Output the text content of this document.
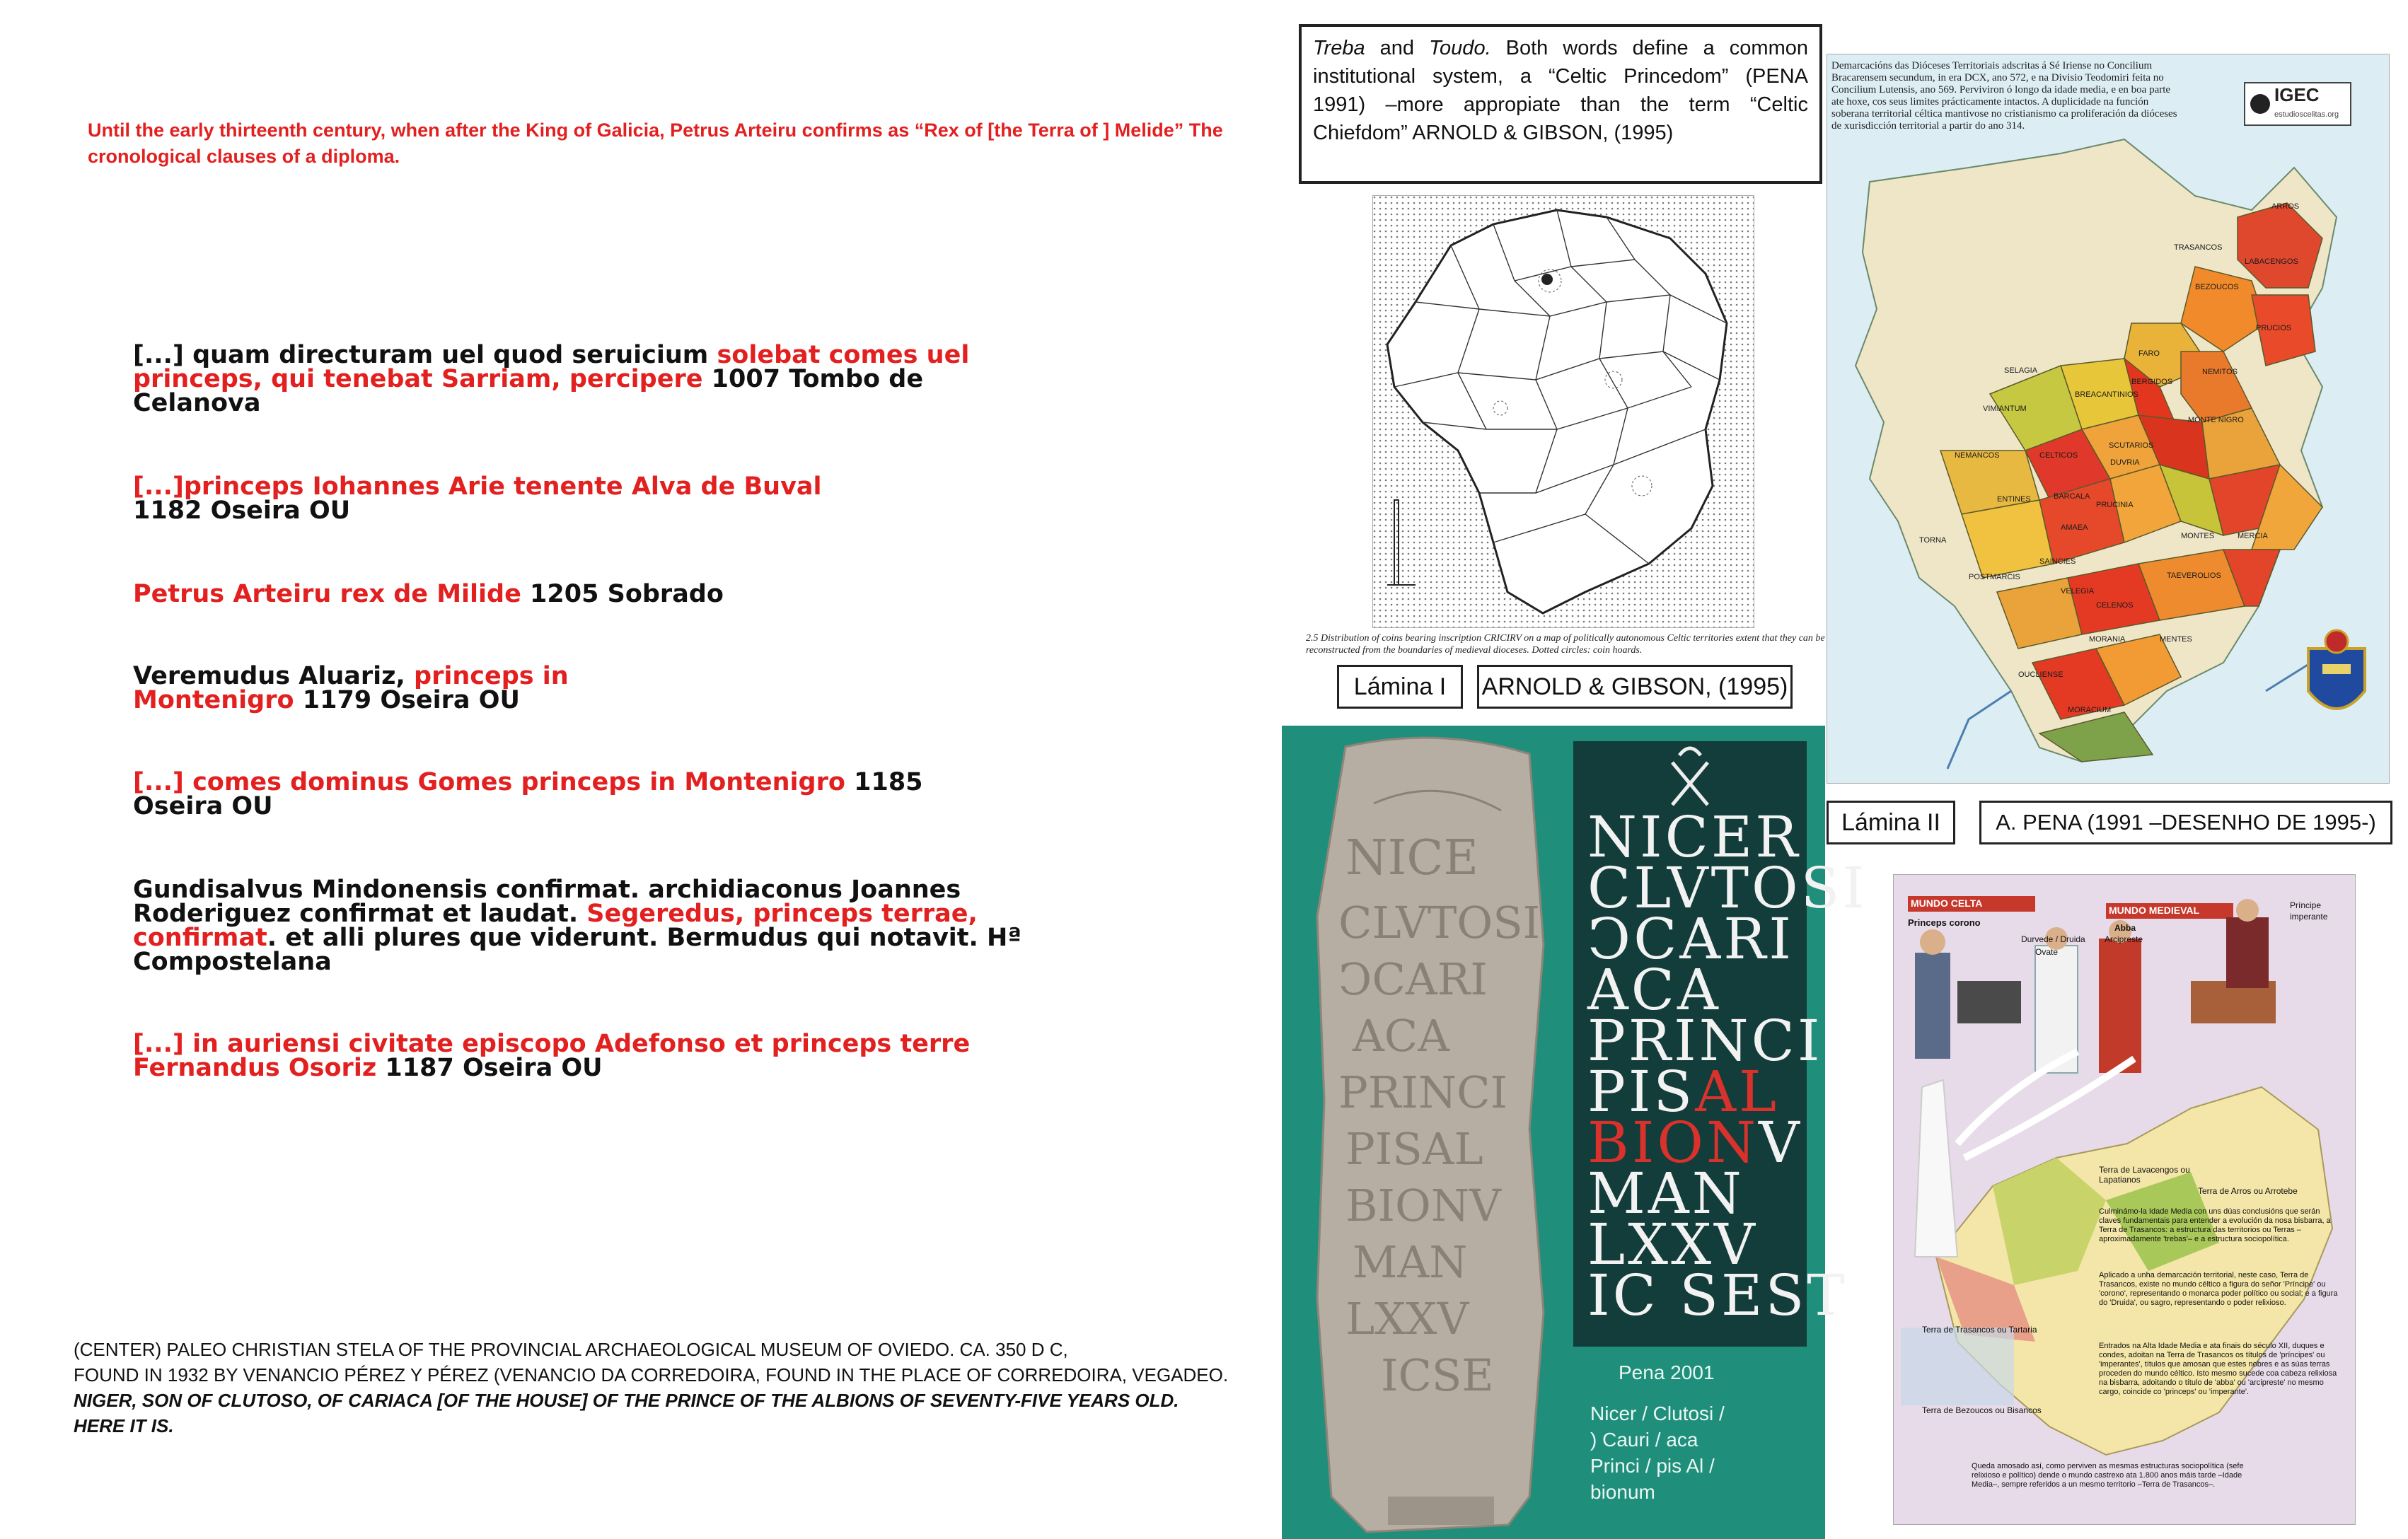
Until the early thirteenth century, when after the King of Galicia, Petrus Arteiru confirms as “Rex of [the Terra of ] Melide” The cronological clauses of a diploma.
[...] quam directuram uel quod seruicium solebat comes uel princeps, qui tenebat Sarriam, percipere 1007 Tombo de Celanova
[...]princeps Iohannes Arie tenente Alva de Buval
1182 Oseira OU
Petrus Arteiru rex de Milide 1205 Sobrado
Veremudus Aluariz, princeps in Montenigro 1179 Oseira OU
[...] comes dominus Gomes princeps in Montenigro 1185 Oseira OU
Gundisalvus Mindonensis confirmat. archidiaconus Joannes Roderiguez confirmat et laudat. Segeredus, princeps terrae, confirmat. et alli plures que viderunt. Bermudus qui notavit. Hª Compostelana
[...] in auriensi civitate episcopo Adefonso et princeps terre Fernandus Osoriz 1187 Oseira OU
(CENTER) PALEO CHRISTIAN STELA OF THE PROVINCIAL ARCHAEOLOGICAL MUSEUM OF OVIEDO. CA. 350 D C,
FOUND IN 1932 BY VENANCIO PÉREZ Y PÉREZ (VENANCIO DA CORREDOIRA, FOUND IN THE PLACE OF CORREDOIRA, VEGADEO.
NIGER, SON OF CLUTOSO, OF CARIACA [OF THE HOUSE] OF THE PRINCE OF THE ALBIONS OF SEVENTY-FIVE YEARS OLD.
HERE IT IS.
Treba and Toudo. Both words define a common institutional system, a “Celtic Princedom” (PENA 1991) –more appropiate than the term “Celtic Chiefdom” ARNOLD & GIBSON, (1995)
2.5 Distribution of coins bearing inscription CRICIRV on a map of politically autonomous Celtic territories extent that they can be reconstructed from the boundaries of medieval dioceses. Dotted circles: coin hoards.
Lámina I	ARNOLD & GIBSON, (1995)
IGEC
estudioscelitas.org
ARROS
TRASANCOS
LABACENGOS
BEZOUCOS
PRUCIOS
FARO
NEMITOS
BERGIDOS
SELAGIA
VIMIANTUM
BREACANTINIOS
MONTE NIGRO
NEMANCOS	CELTICOS
SCUTARIOS
DUVRIA
ENTINES	BARCALA
AMAEA
MONTES	MERCIA
PRUCINIA
TAEVEROLIOS
CELENOS
MORANIA	MENTES
SAINCIES
POSTMARCIS
VELEGIA
OUCLIENSE
TORNA
MORACIUM
Demarcacións das Dióceses Territoriais adscritas á Sé Iriense no Concilium Bracarensem secundum, in era DCX, ano 572, e na Divisio Teodomiri feita no Concilium Lutensis, ano 569. Perviviron ó longo da idade media, e en boa parte ate hoxe, cos seus limites prácticamente intactos. A duplicidade na función soberana territorial céltica mantivose no cristianismo ca proliferación da dióceses de xurisdicción territorial a partir do ano 314.
Lámina II	A. PENA (1991 –DESENHO DE 1995-)
NICE
CLVTOSI
ↃCARI
ACA
PRINCI
PISAL
BIONV
MAN
LXXV
ICSE
NICER
CLVTOSI
ↃCARI
ACA
PRINCI
PISAL
BIONV
MAN
LXXV
IC SEST
Pena 2001
Nicer / Clutosi /
) Cauri / aca
Princi / pis Al /
bionum
MUNDO CELTA
MUNDO MEDIEVAL
Princeps corono
Durvede / Druida
Ovate
Abba
Arcipreste
Príncipe
imperante
Terra de Lavacengos ou Lapatianos
Terra de Arros ou Arrotebe
Terra de Trasancos ou Tartaria
Terra de Bezoucos ou Bisancos
Culminámo-la Idade Media con uns dúas conclusións que serán claves fundamentais para entender a evolución da nosa bisbarra, a Terra de Trasancos: a estructura das territorios ou Terras –aproximadamente 'trebas'– e a estructura sociopolítica.
Aplicado a unha demarcación territorial, neste caso, Terra de Trasancos, existe no mundo céltico a figura do señor 'Príncipe' ou 'corono', representando o monarca poder político ou social; e a figura do 'Druida', ou sagro, representando o poder relixioso.
Entrados na Alta Idade Media e ata finais do século XII, duques e condes, adoitan na Terra de Trasancos os títulos de 'príncipes' ou 'imperantes', títulos que amosan que estes nobres e as súas terras proceden do mundo céltico. Isto mesmo sucede coa cabeza relixiosa na bisbarra, adoitando o título de 'abba' ou 'arcipreste' no mesmo cargo, coincide co 'princeps' ou 'imperante'.
Queda amosado así, como perviven as mesmas estructuras sociopolítica (sefe relixioso e político) dende o mundo castrexo ata 1.800 anos máis tarde –Idade Media–, sempre referidos a un mesmo territorio –Terra de Trasancos–.
